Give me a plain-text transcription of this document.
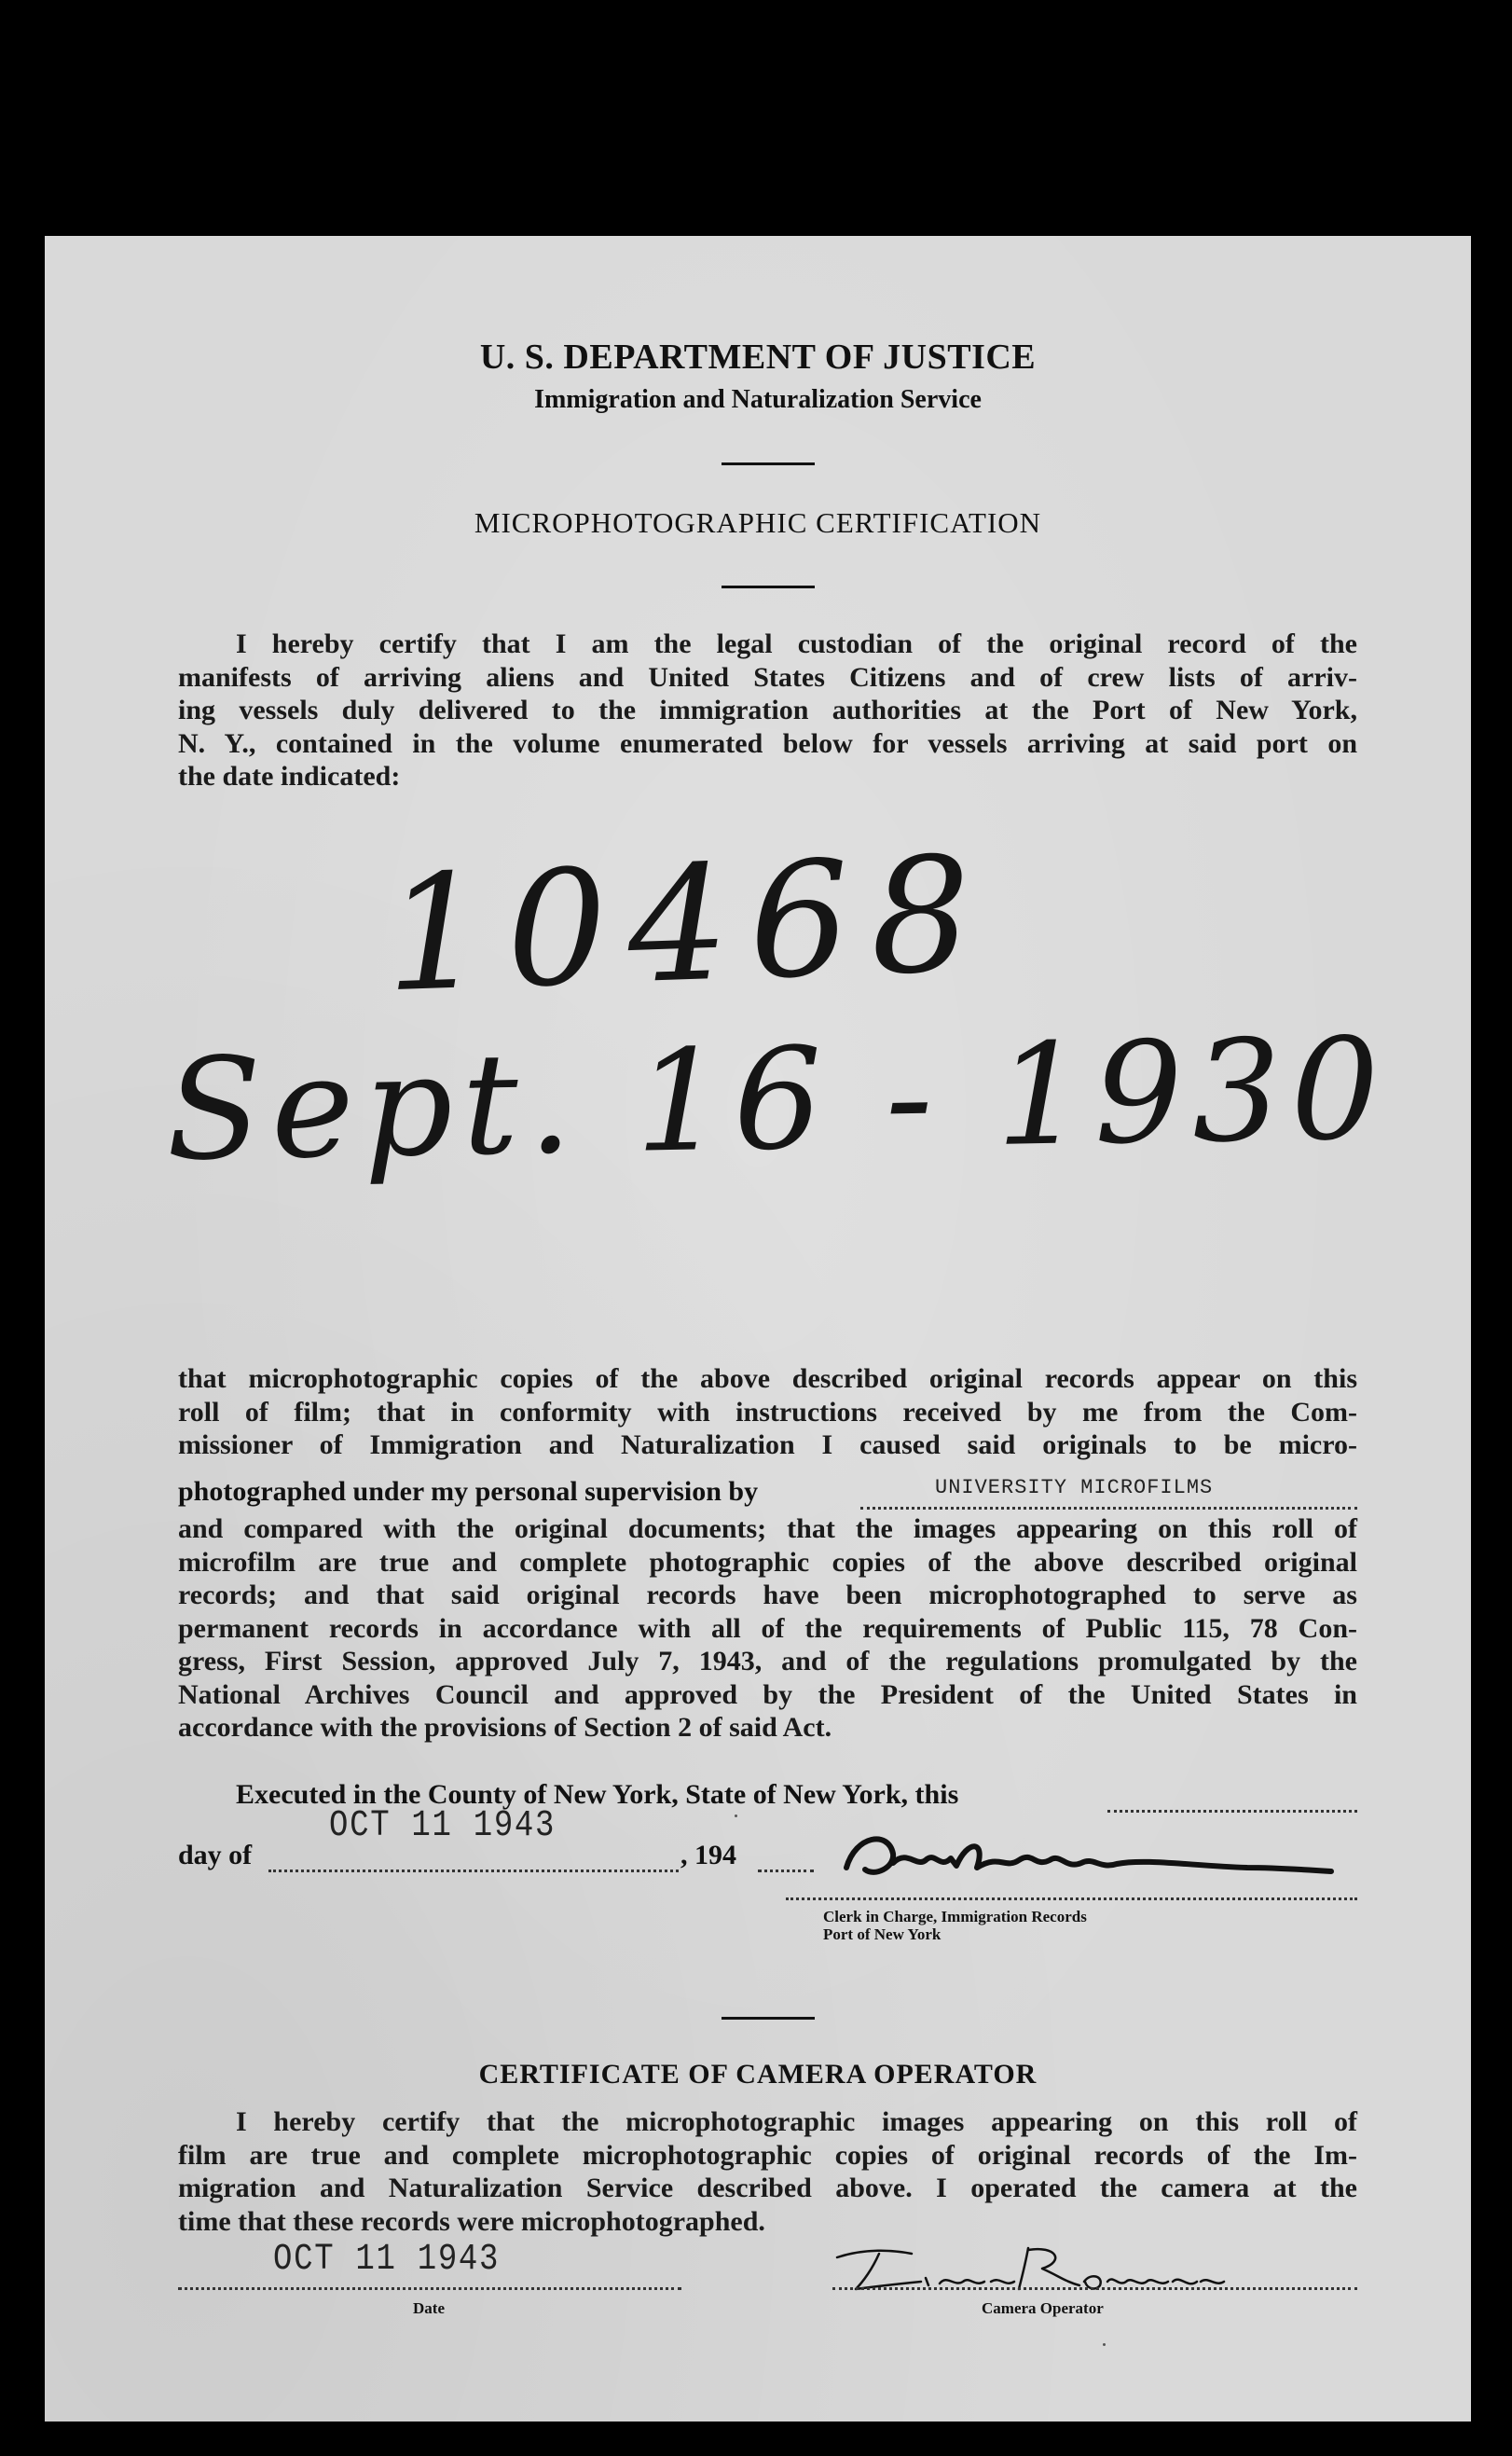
U. S. DEPARTMENT OF JUSTICE
Immigration and Naturalization Service
MICROPHOTOGRAPHIC CERTIFICATION
I hereby certify that I am the legal custodian of the original record of the
manifests of arriving aliens and United States Citizens and of crew lists of arriv-
ing vessels duly delivered to the immigration authorities at the Port of New York,
N. Y., contained in the volume enumerated below for vessels arriving at said port on
the date indicated:
10468
Sept. 16 - 1930
that microphotographic copies of the above described original records appear on this
roll of film; that in conformity with instructions received by me from the Com-
missioner of Immigration and Naturalization I caused said originals to be micro-
photographed under my personal supervision by	UNIVERSITY MICROFILMS
and compared with the original documents; that the images appearing on this roll of
microfilm are true and complete photographic copies of the above described original
records; and that said original records have been microphotographed to serve as
permanent records in accordance with all of the requirements of Public 115, 78 Con-
gress, First Session, approved July 7, 1943, and of the regulations promulgated by the
National Archives Council and approved by the President of the United States in
accordance with the provisions of Section 2 of said Act.
Executed in the County of New York, State of New York, this
day of
OCT 11 1943
, 194
Clerk in Charge, Immigration Records
Port of New York
CERTIFICATE OF CAMERA OPERATOR
I hereby certify that the microphotographic images appearing on this roll of
film are true and complete microphotographic copies of original records of the Im-
migration and Naturalization Service described above. I operated the camera at the
time that these records were microphotographed.
OCT 11 1943
Date	Camera Operator
